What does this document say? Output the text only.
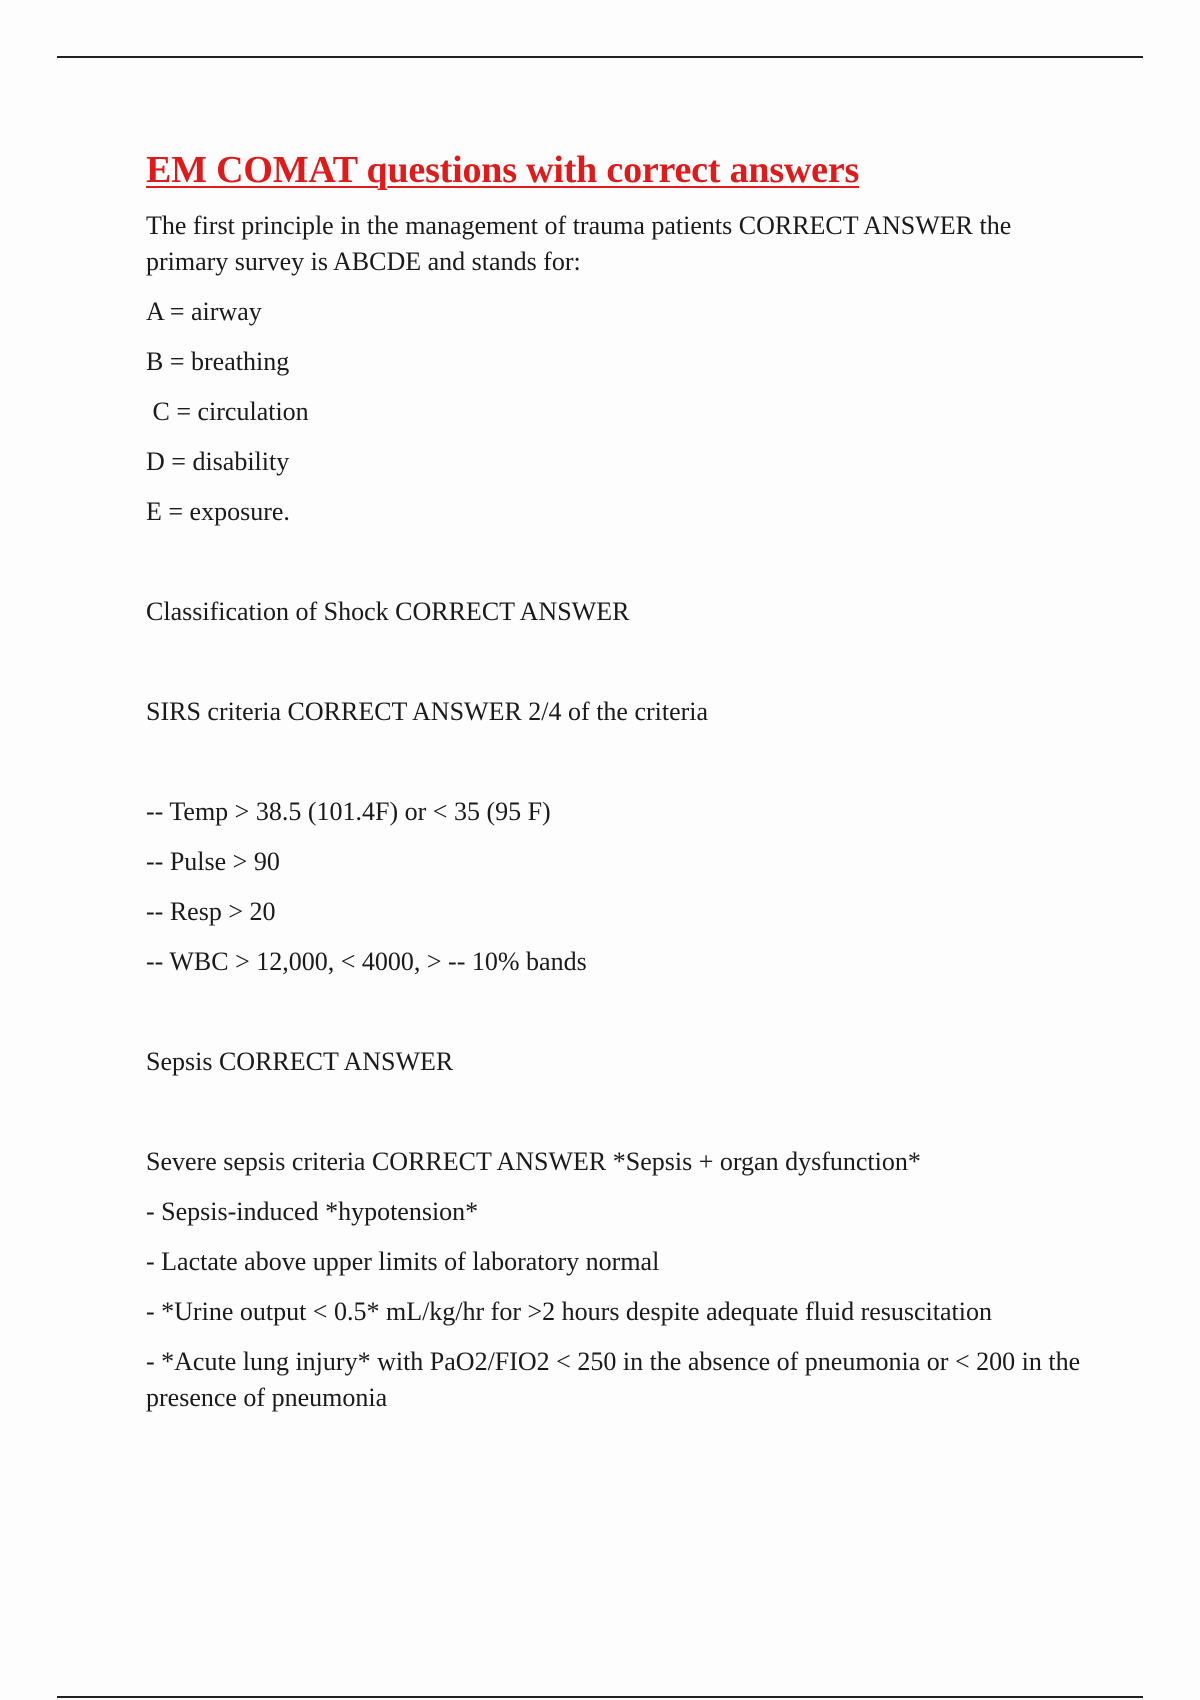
EM COMAT questions with correct answers

The first principle in the management of trauma patients CORRECT ANSWER the primary survey is ABCDE and stands for:

A = airway

B = breathing

C = circulation

D = disability

E = exposure.

Classification of Shock CORRECT ANSWER

SIRS criteria CORRECT ANSWER 2/4 of the criteria

-- Temp > 38.5 (101.4F) or < 35 (95 F)

-- Pulse > 90

-- Resp > 20

-- WBC > 12,000, < 4000, > -- 10% bands

Sepsis CORRECT ANSWER

Severe sepsis criteria CORRECT ANSWER *Sepsis + organ dysfunction*

- Sepsis-induced *hypotension*

- Lactate above upper limits of laboratory normal

- *Urine output < 0.5* mL/kg/hr for >2 hours despite adequate fluid resuscitation

- *Acute lung injury* with PaO2/FIO2 < 250 in the absence of pneumonia or < 200 in the presence of pneumonia
